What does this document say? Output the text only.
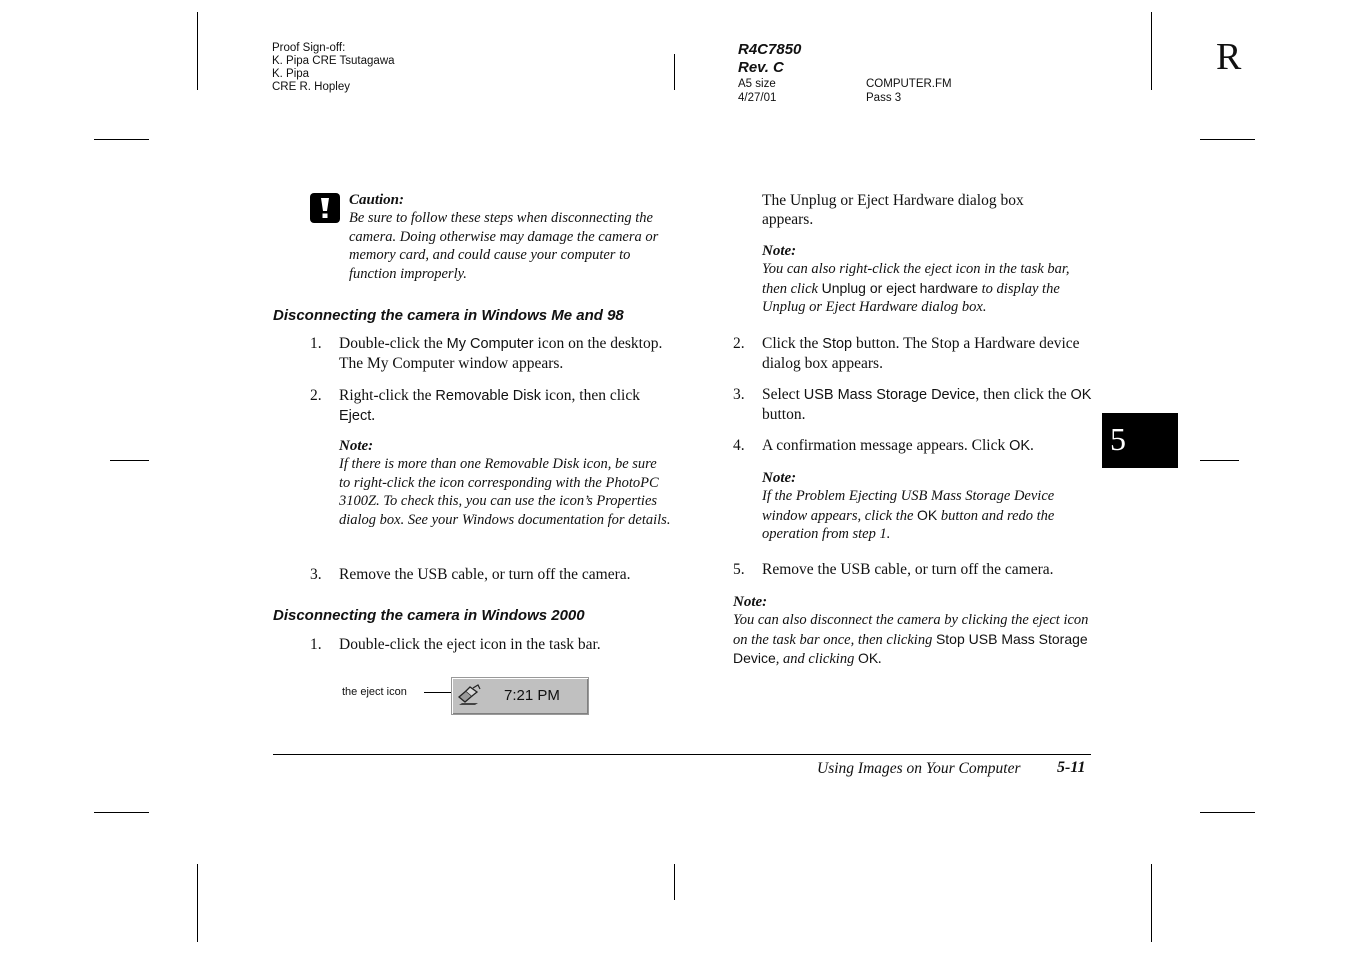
Proof Sign-off:
K. Pipa CRE Tsutagawa
K. Pipa
CRE R. Hopley
R4C7850
Rev. C
A5 size	COMPUTER.FM
4/27/01	Pass 3
R
5
Caution:
Be sure to follow these steps when disconnecting the camera. Doing otherwise may damage the camera or memory card, and could cause your computer to function improperly.
Disconnecting the camera in Windows Me and 98
1.	Double-click the My Computer icon on the desktop. The My Computer window appears.
2.	Right-click the Removable Disk icon, then click Eject.
Note:
If there is more than one Removable Disk icon, be sure to right-click the icon corresponding with the PhotoPC 3100Z. To check this, you can use the icon’s Properties dialog box. See your Windows documentation for details.
3.	Remove the USB cable, or turn off the camera.
Disconnecting the camera in Windows 2000
1.	Double-click the eject icon in the task bar.
the eject icon	7:21 PM
The Unplug or Eject Hardware dialog box appears.
Note:
You can also right-click the eject icon in the task bar, then click Unplug or eject hardware to display the Unplug or Eject Hardware dialog box.
2.	Click the Stop button. The Stop a Hardware device dialog box appears.
3.	Select USB Mass Storage Device, then click the OK button.
4.	A confirmation message appears. Click OK.
Note:
If the Problem Ejecting USB Mass Storage Device window appears, click the OK button and redo the operation from step 1.
5.	Remove the USB cable, or turn off the camera.
Note:
You can also disconnect the camera by clicking the eject icon on the task bar once, then clicking Stop USB Mass Storage Device, and clicking OK.
Using Images on Your Computer 5-11
